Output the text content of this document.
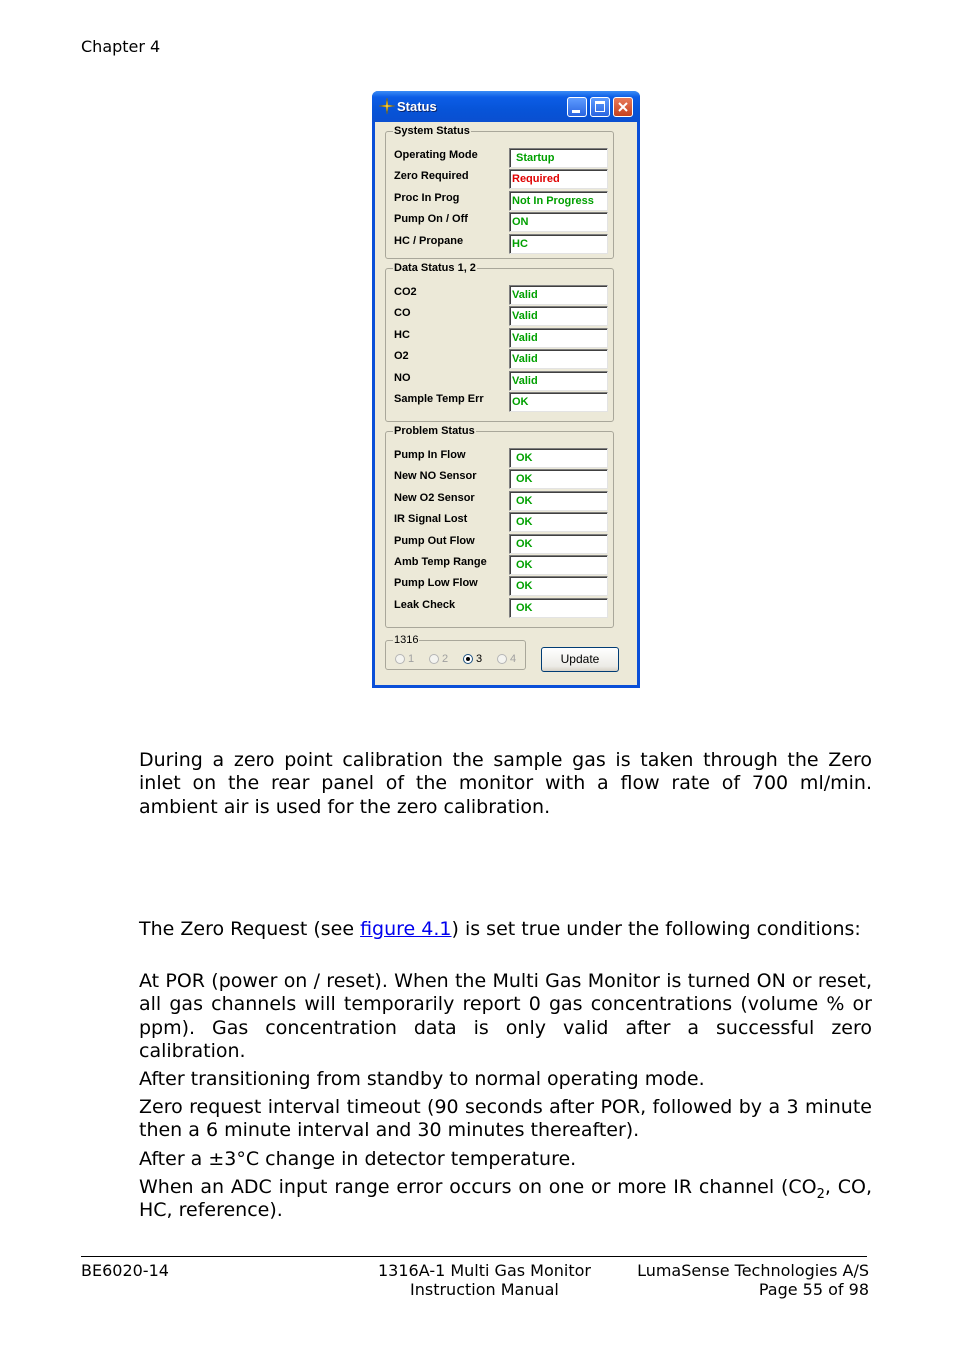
Chapter 4
Status
System Status
Data Status 1, 2
Problem Status
1316
1	2	3	4	Update
Operating Mode	Startup
Zero Required	Required
Proc In Prog	Not In Progress
Pump On / Off	ON
HC / Propane	HC
CO2	Valid
CO	Valid
HC	Valid
O2	Valid
NO	Valid
Sample Temp Err	OK
Pump In Flow	OK
New NO Sensor	OK
New O2 Sensor	OK
IR Signal Lost	OK
Pump Out Flow	OK
Amb Temp Range	OK
Pump Low Flow	OK
Leak Check	OK

During a zero point calibration the sample gas is taken through the Zero inlet on the rear panel of the monitor with a flow rate of 700 ml/min. ambient air is used for the zero calibration.

The Zero Request (see figure 4.1) is set true under the following conditions:

At POR (power on / reset). When the Multi Gas Monitor is turned ON or reset, all gas channels will temporarily report 0 gas concentrations (volume % or ppm). Gas concentration data is only valid after a successful zero calibration.

After transitioning from standby to normal operating mode.

Zero request interval timeout (90 seconds after POR, followed by a 3 minute then a 6 minute interval and 30 minutes thereafter).

After a ±3°C change in detector temperature.

When an ADC input range error occurs on one or more IR channel ($CO_2$, CO, HC, reference).

BE6020-14	1316A-1 Multi Gas Monitor
Instruction Manual
LumaSense Technologies A/S
Page 55 of 98
